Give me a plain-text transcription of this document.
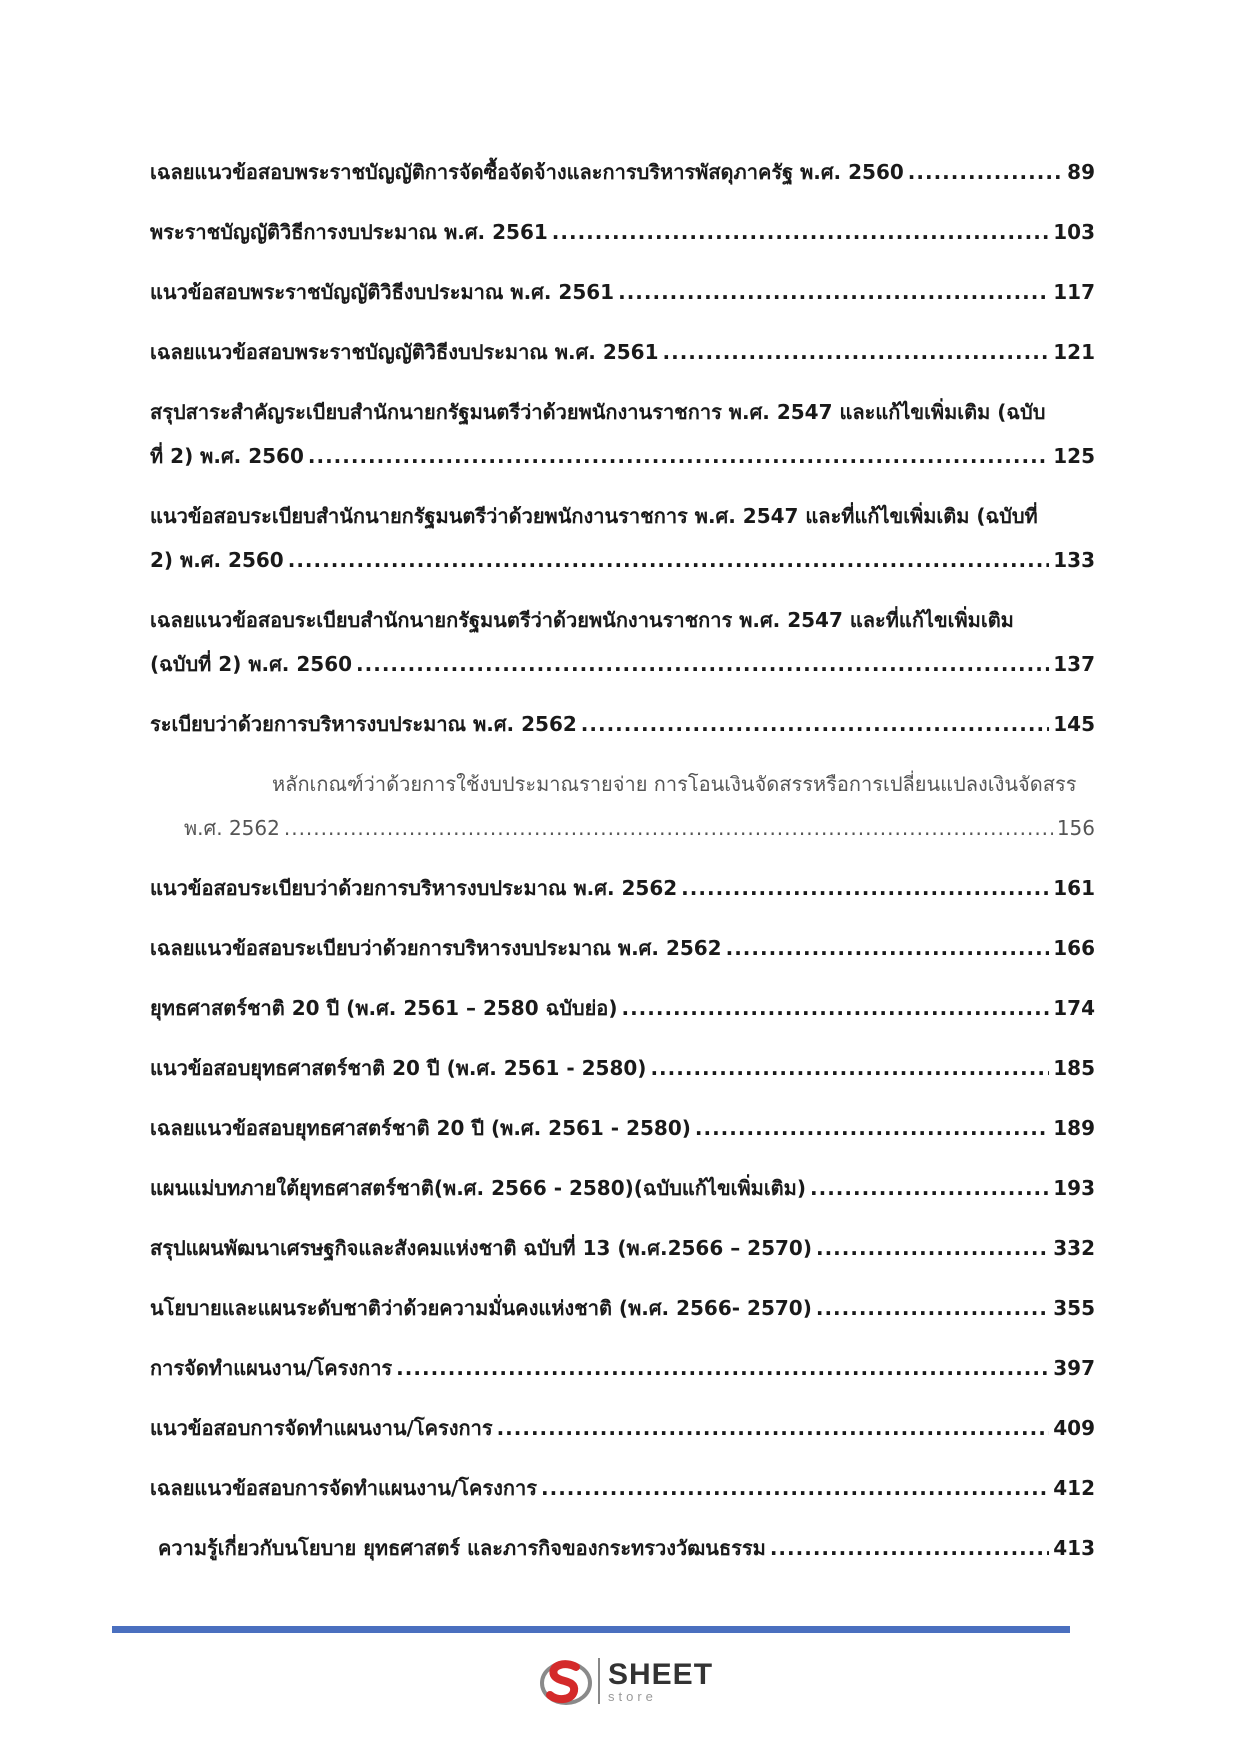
เฉลยแนวข้อสอบพระราชบัญญัติการจัดซื้อจัดจ้างและการบริหารพัสดุภาครัฐ พ.ศ. 2560 .....	89
พระราชบัญญัติวิธีการงบประมาณ พ.ศ. 2561 .....	103
แนวข้อสอบพระราชบัญญัติวิธีงบประมาณ พ.ศ. 2561 .....	117
เฉลยแนวข้อสอบพระราชบัญญัติวิธีงบประมาณ พ.ศ. 2561 .....	121
สรุปสาระสำคัญระเบียบสำนักนายกรัฐมนตรีว่าด้วยพนักงานราชการ พ.ศ. 2547 และแก้ไขเพิ่มเติม (ฉบับ
ที่ 2) พ.ศ. 2560 .....	125
แนวข้อสอบระเบียบสำนักนายกรัฐมนตรีว่าด้วยพนักงานราชการ พ.ศ. 2547 และที่แก้ไขเพิ่มเติม (ฉบับที่
2) พ.ศ. 2560 .....	133
เฉลยแนวข้อสอบระเบียบสำนักนายกรัฐมนตรีว่าด้วยพนักงานราชการ พ.ศ. 2547 และที่แก้ไขเพิ่มเติม
(ฉบับที่ 2) พ.ศ. 2560 .....	137
ระเบียบว่าด้วยการบริหารงบประมาณ พ.ศ. 2562 .....	145
หลักเกณฑ์ว่าด้วยการใช้งบประมาณรายจ่าย การโอนเงินจัดสรรหรือการเปลี่ยนแปลงเงินจัดสรร
พ.ศ. 2562 .....	156
แนวข้อสอบระเบียบว่าด้วยการบริหารงบประมาณ พ.ศ. 2562 .....	161
เฉลยแนวข้อสอบระเบียบว่าด้วยการบริหารงบประมาณ พ.ศ. 2562 .....	166
ยุทธศาสตร์ชาติ 20 ปี (พ.ศ. 2561 – 2580 ฉบับย่อ) .....	174
แนวข้อสอบยุทธศาสตร์ชาติ 20 ปี (พ.ศ. 2561 - 2580) .....	185
เฉลยแนวข้อสอบยุทธศาสตร์ชาติ 20 ปี (พ.ศ. 2561 - 2580) .....	189
แผนแม่บทภายใต้ยุทธศาสตร์ชาติ(พ.ศ. 2566 - 2580)(ฉบับแก้ไขเพิ่มเติม) .....	193
สรุปแผนพัฒนาเศรษฐกิจและสังคมแห่งชาติ ฉบับที่ 13 (พ.ศ.2566 – 2570) .....	332
นโยบายและแผนระดับชาติว่าด้วยความมั่นคงแห่งชาติ (พ.ศ. 2566- 2570) .....	355
การจัดทำแผนงาน/โครงการ .....	397
แนวข้อสอบการจัดทำแผนงาน/โครงการ .....	409
เฉลยแนวข้อสอบการจัดทำแผนงาน/โครงการ .....	412
ความรู้เกี่ยวกับนโยบาย ยุทธศาสตร์ และภารกิจของกระทรวงวัฒนธรรม .....	413
SHEET
store
